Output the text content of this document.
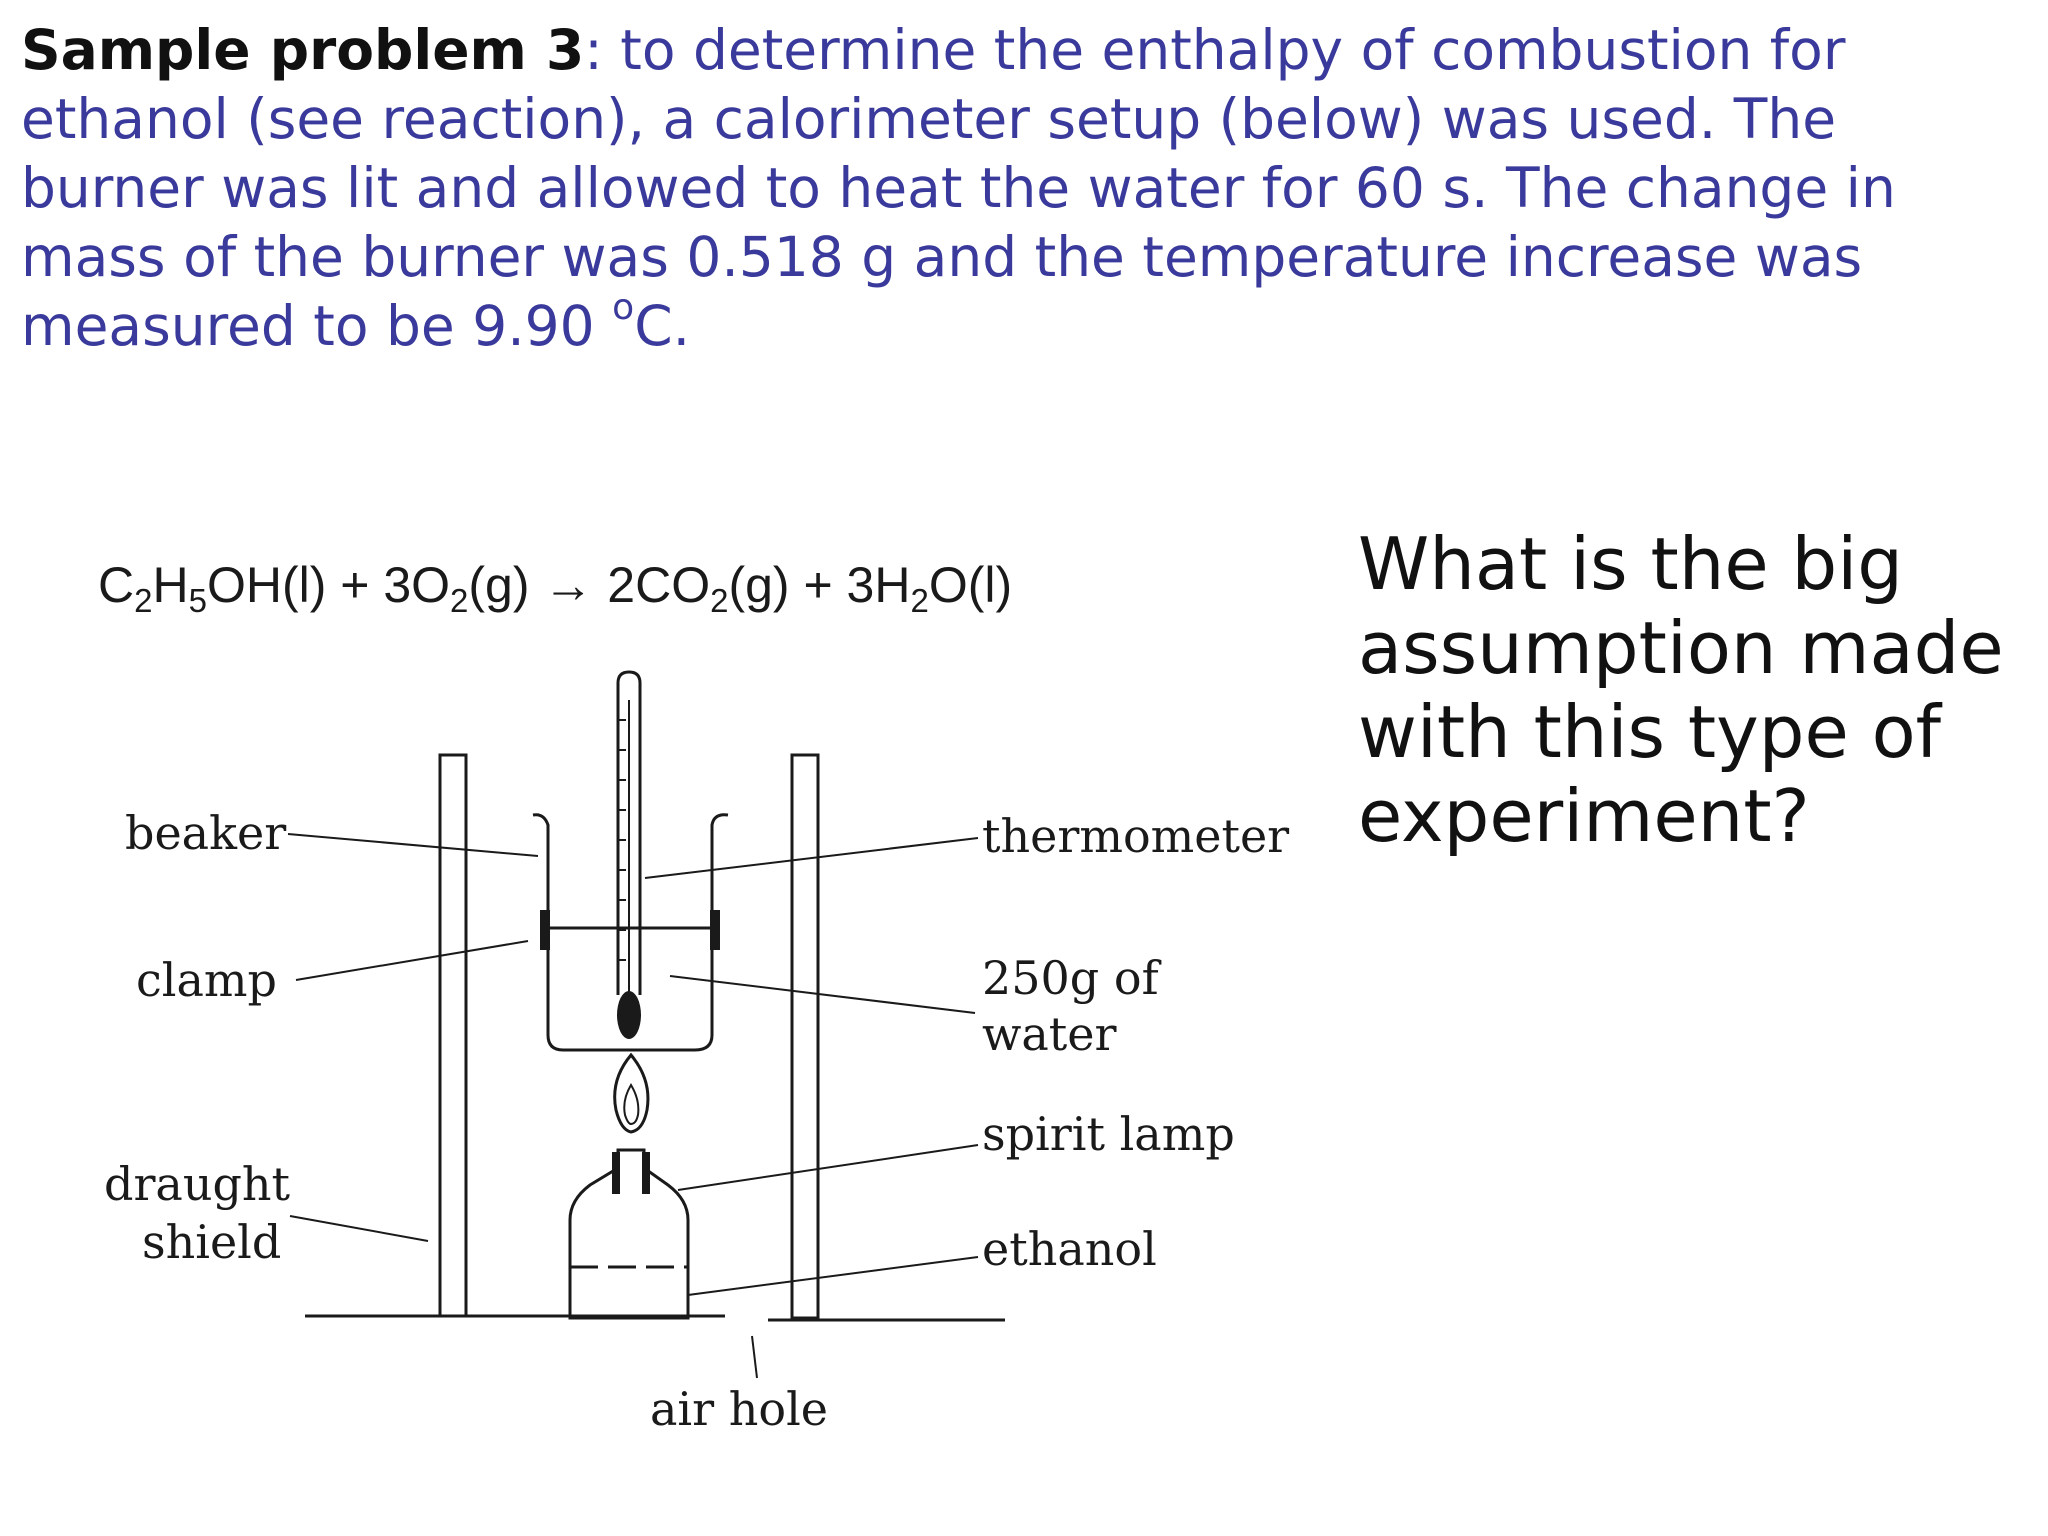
Sample problem 3: to determine the enthalpy of combustion for ethanol (see reaction), a calorimeter setup (below) was used. The burner was lit and allowed to heat the water for 60 s. The change in mass of the burner was 0.518 g and the temperature increase was measured to be 9.90 $^o$C.

$C_2H_5OH(l) + 3O_2(g) \to 2CO_2(g) + 3H_2O(l)$
beaker
clamp
draught
shield
thermometer
250g of
water
spirit lamp
ethanol
air hole

What is the big assumption made with this type of experiment?
